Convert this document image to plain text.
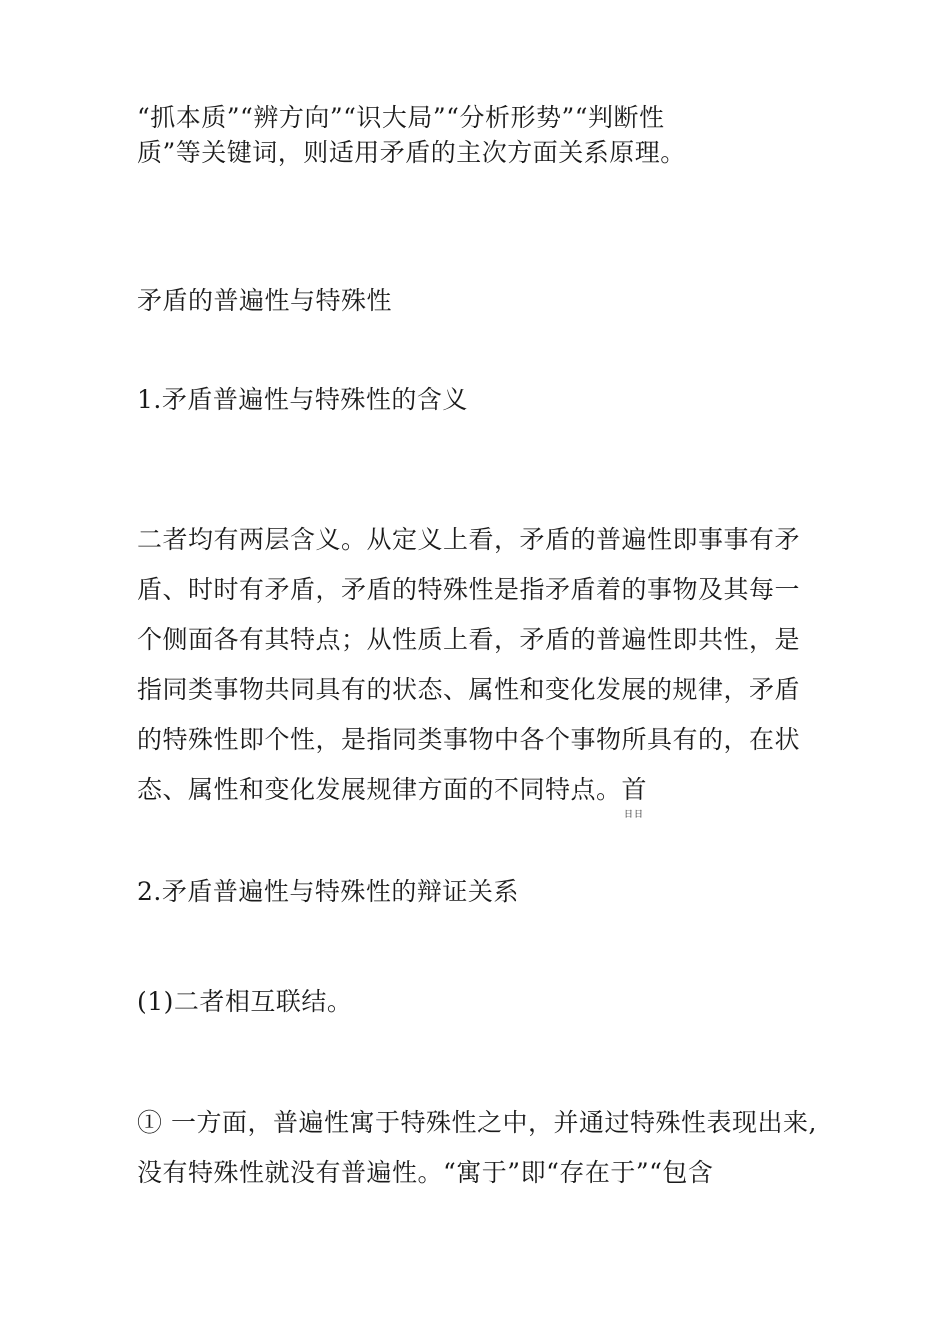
“抓本质”“辨方向”“识大局”“分析形势”“判断性
质”等关键词，则适用矛盾的主次方面关系原理。
矛盾的普遍性与特殊性
1.矛盾普遍性与特殊性的含义
二者均有两层含义。从定义上看，矛盾的普遍性即事事有矛
盾、时时有矛盾，矛盾的特殊性是指矛盾着的事物及其每一
个侧面各有其特点；从性质上看，矛盾的普遍性即共性，是
指同类事物共同具有的状态、属性和变化发展的规律，矛盾
的特殊性即个性，是指同类事物中各个事物所具有的，在状
态、属性和变化发展规律方面的不同特点。首
日日
2.矛盾普遍性与特殊性的辩证关系
(1)二者相互联结。
① 一方面，普遍性寓于特殊性之中，并通过特殊性表现出来,
没有特殊性就没有普遍性。“寓于”即“存在于”“包含
